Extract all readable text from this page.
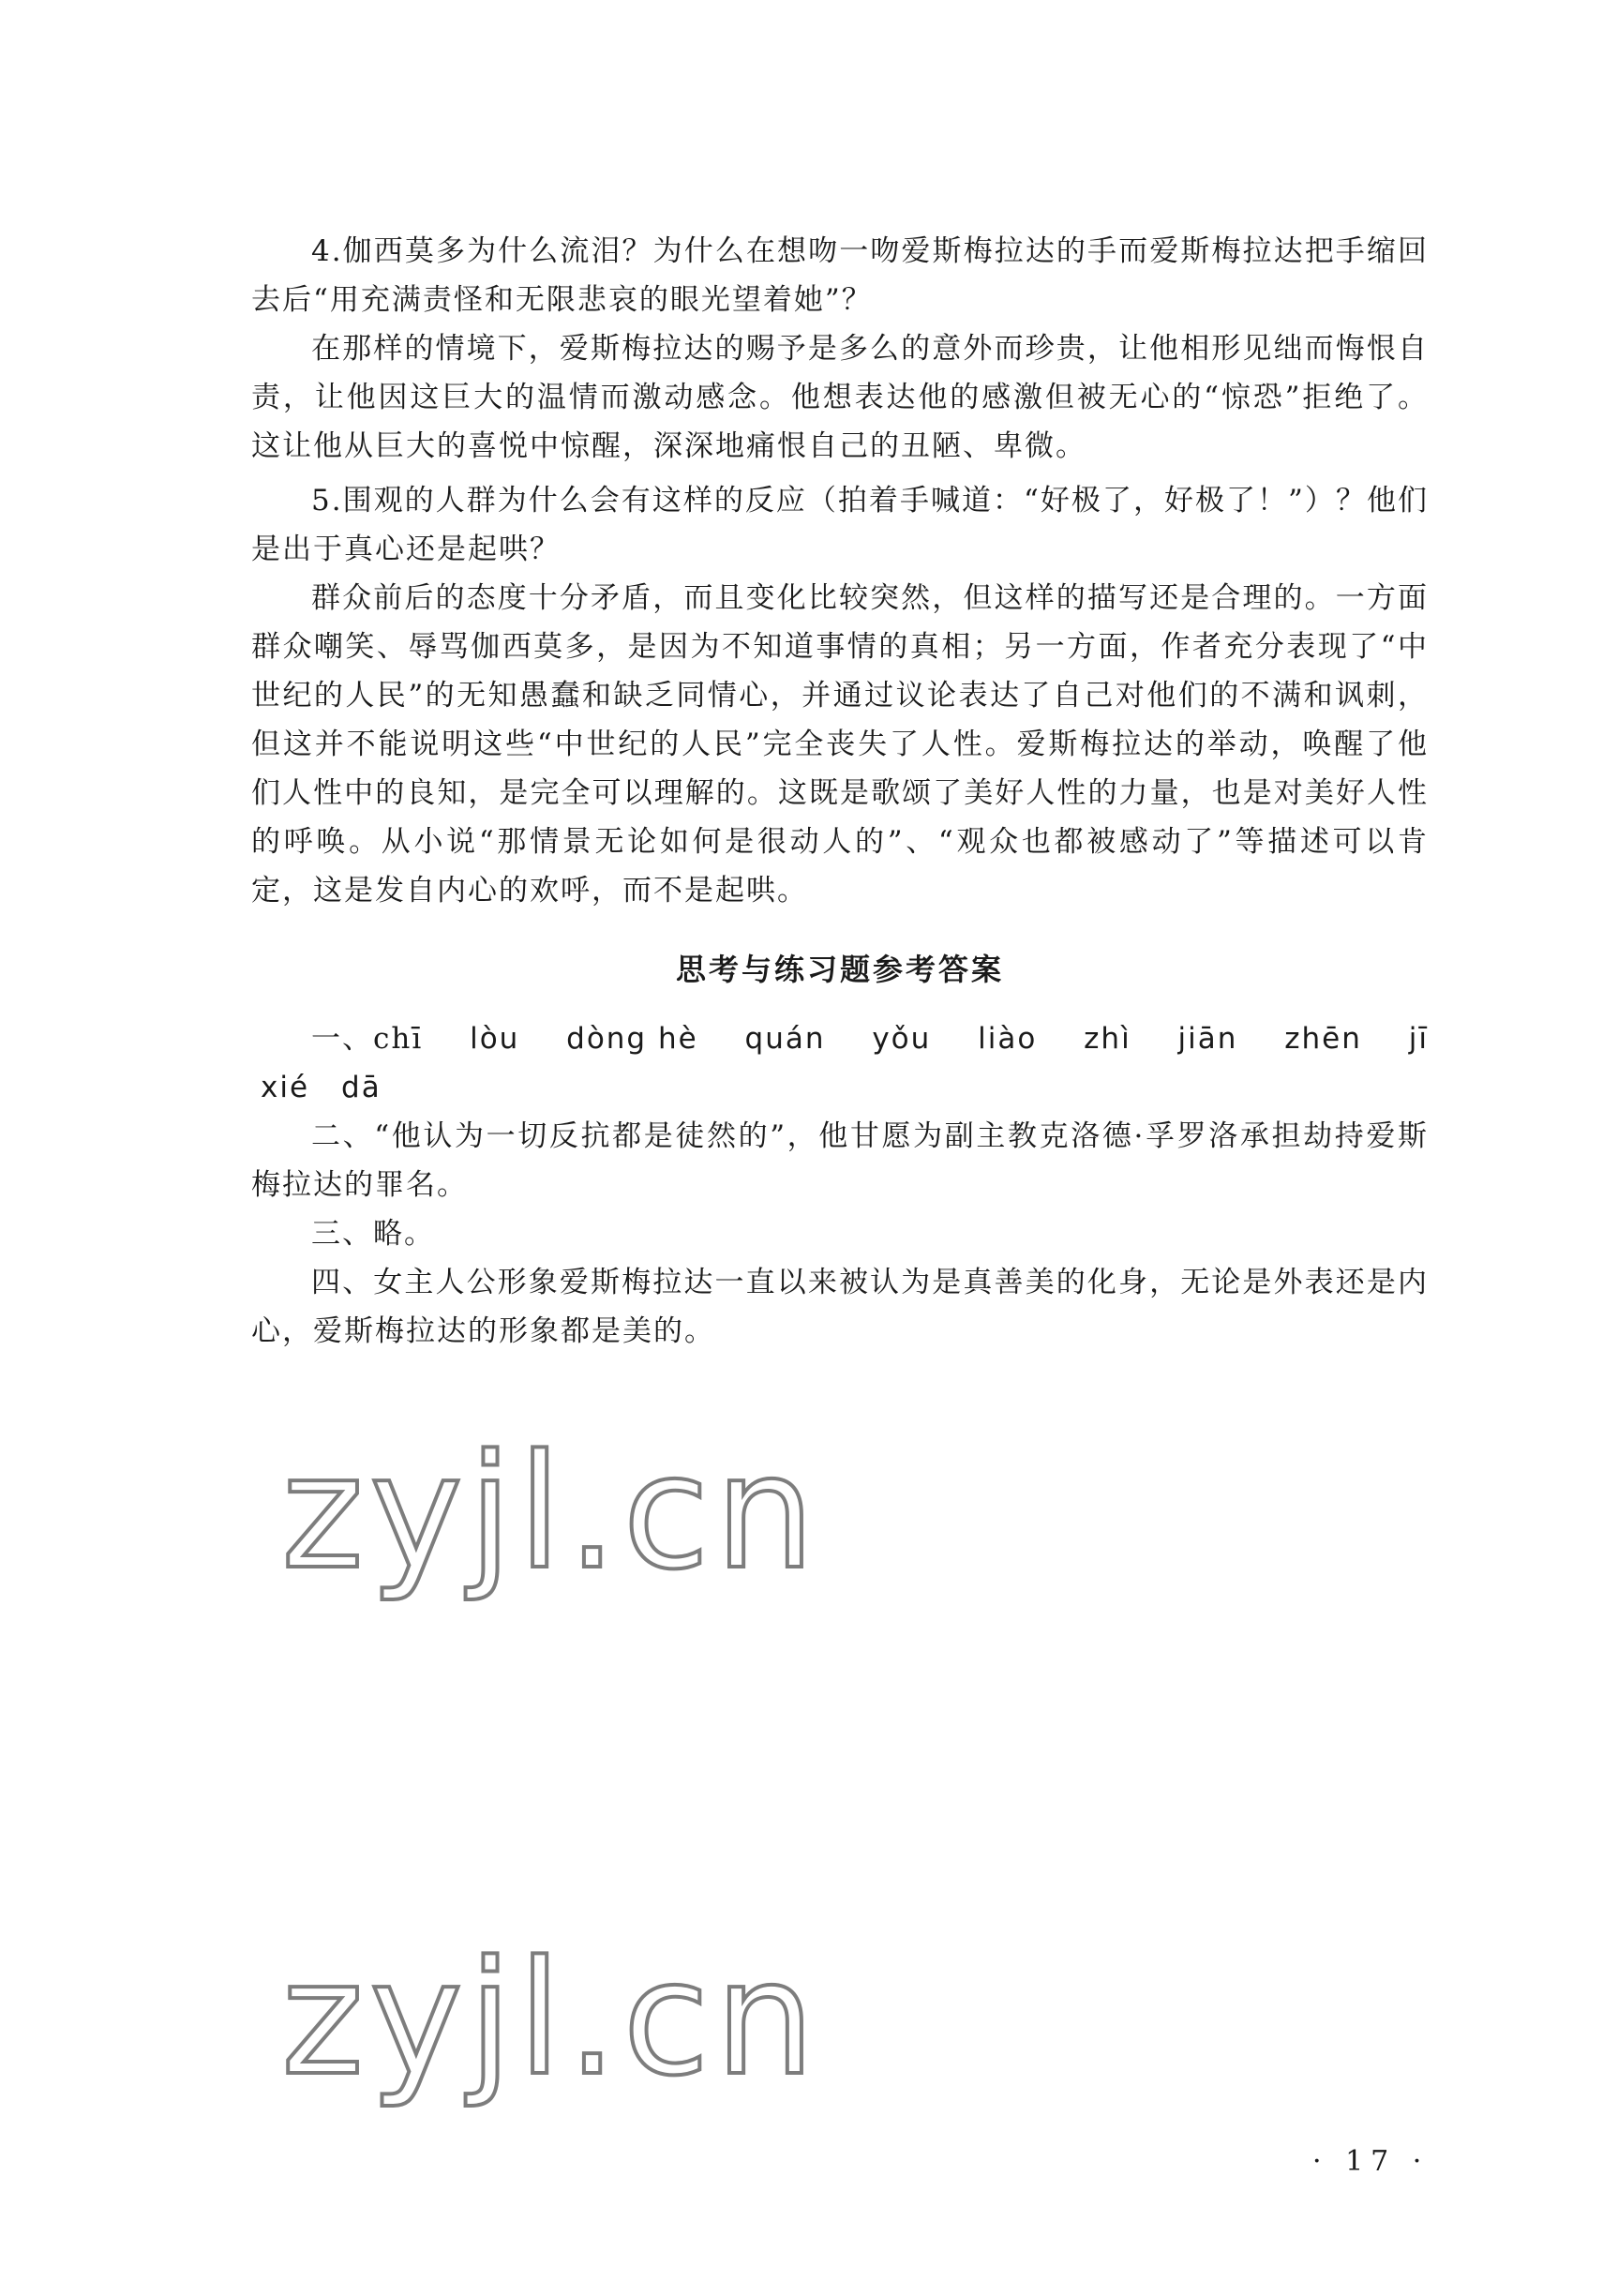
4.伽西莫多为什么流泪？为什么在想吻一吻爱斯梅拉达的手而爱斯梅拉达把手缩回去后“用充满责怪和无限悲哀的眼光望着她”？

在那样的情境下，爱斯梅拉达的赐予是多么的意外而珍贵，让他相形见绌而悔恨自责，让他因这巨大的温情而激动感念。他想表达他的感激但被无心的“惊恐”拒绝了。这让他从巨大的喜悦中惊醒，深深地痛恨自己的丑陋、卑微。

5.围观的人群为什么会有这样的反应（拍着手喊道：“好极了，好极了！”）？他们是出于真心还是起哄？

群众前后的态度十分矛盾，而且变化比较突然，但这样的描写还是合理的。一方面群众嘲笑、辱骂伽西莫多，是因为不知道事情的真相；另一方面，作者充分表现了“中世纪的人民”的无知愚蠢和缺乏同情心，并通过议论表达了自己对他们的不满和讽刺，但这并不能说明这些“中世纪的人民”完全丧失了人性。爱斯梅拉达的举动，唤醒了他们人性中的良知，是完全可以理解的。这既是歌颂了美好人性的力量，也是对美好人性的呼唤。从小说“那情景无论如何是很动人的”、“观众也都被感动了”等描述可以肯定，这是发自内心的欢呼，而不是起哄。

思考与练习题参考答案
一、chī lòu dòng hè quán yǒu liào zhì jiān zhēn jī
xié dā

二、“他认为一切反抗都是徒然的”，他甘愿为副主教克洛德·孚罗洛承担劫持爱斯梅拉达的罪名。

三、略。

四、女主人公形象爱斯梅拉达一直以来被认为是真善美的化身，无论是外表还是内心，爱斯梅拉达的形象都是美的。

zyjl.cn
zyjl.cn
· 17 ·
